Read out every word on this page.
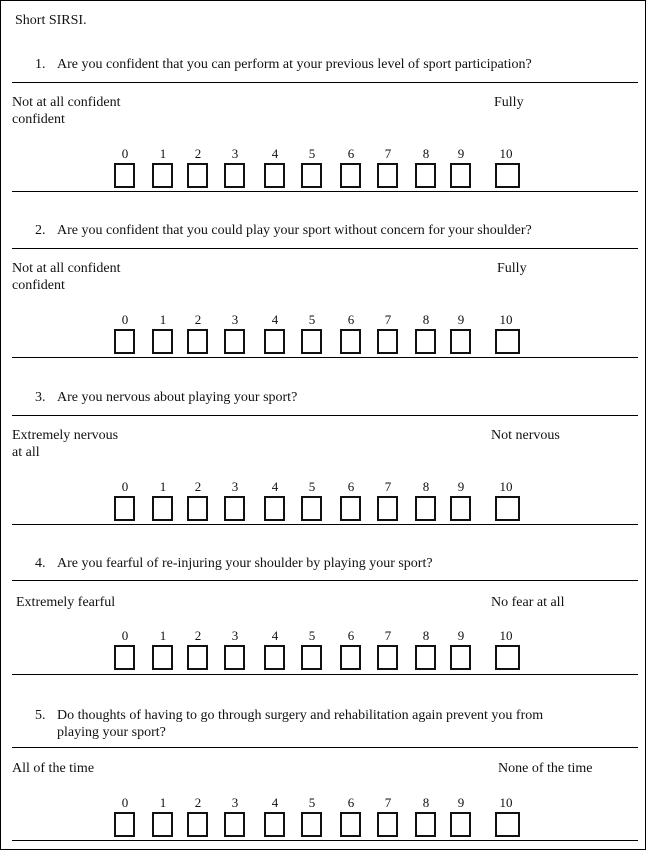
Short SIRSI.
1. Are you confident that you can perform at your previous level of sport participation?
Not at all confident
confident
Fully
0	1	2	3	4	5	6	7	8	9	10
2. Are you confident that you could play your sport without concern for your shoulder?
Not at all confident
confident
Fully
0	1	2	3	4	5	6	7	8	9	10
3. Are you nervous about playing your sport?
Extremely nervous
at all
Not nervous
0	1	2	3	4	5	6	7	8	9	10
4. Are you fearful of re-injuring your shoulder by playing your sport?
Extremely fearful	No fear at all
0	1	2	3	4	5	6	7	8	9	10
5. Do thoughts of having to go through surgery and rehabilitation again prevent you from playing your sport?
All of the time	None of the time
0	1	2	3	4	5	6	7	8	9	10
